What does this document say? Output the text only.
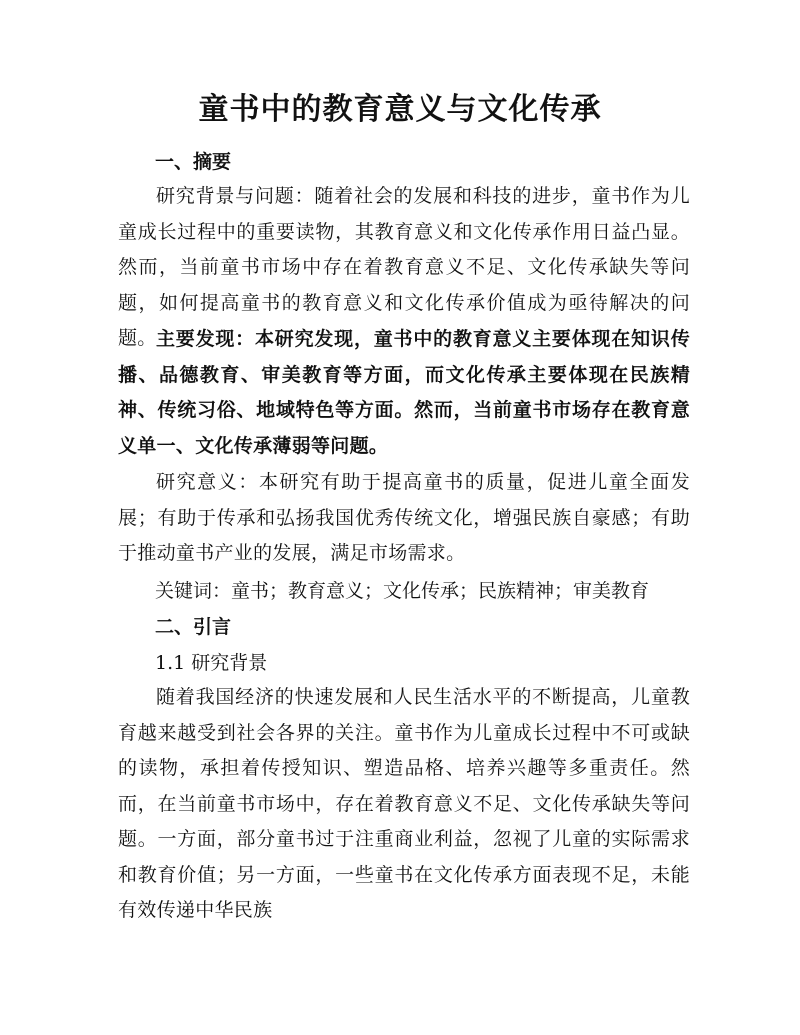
童书中的教育意义与文化传承
一、摘要
研究背景与问题：随着社会的发展和科技的进步，童书作为儿童成长过程中的重要读物，其教育意义和文化传承作用日益凸显。然而，当前童书市场中存在着教育意义不足、文化传承缺失等问题，如何提高童书的教育意义和文化传承价值成为亟待解决的问题。 主要发现：本研究发现，童书中的教育意义主要体现在知识传播、品德教育、审美教育等方面，而文化传承主要体现在民族精神、传统习俗、地域特色等方面。然而，当前童书市场存在教育意义单一、文化传承薄弱等问题。
研究意义：本研究有助于提高童书的质量，促进儿童全面发展；有助于传承和弘扬我国优秀传统文化，增强民族自豪感；有助于推动童书产业的发展，满足市场需求。
关键词：童书；教育意义；文化传承；民族精神；审美教育
二、引言
1.1 研究背景
随着我国经济的快速发展和人民生活水平的不断提高，儿童教育越来越受到社会各界的关注。童书作为儿童成长过程中不可或缺的读物，承担着传授知识、塑造品格、培养兴趣等多重责任。然而，在当前童书市场中，存在着教育意义不足、文化传承缺失等问题。一方面，部分童书过于注重商业利益，忽视了儿童的实际需求和教育价值；另一方面，一些童书在文化传承方面表现不足，未能有效传递中华民族
